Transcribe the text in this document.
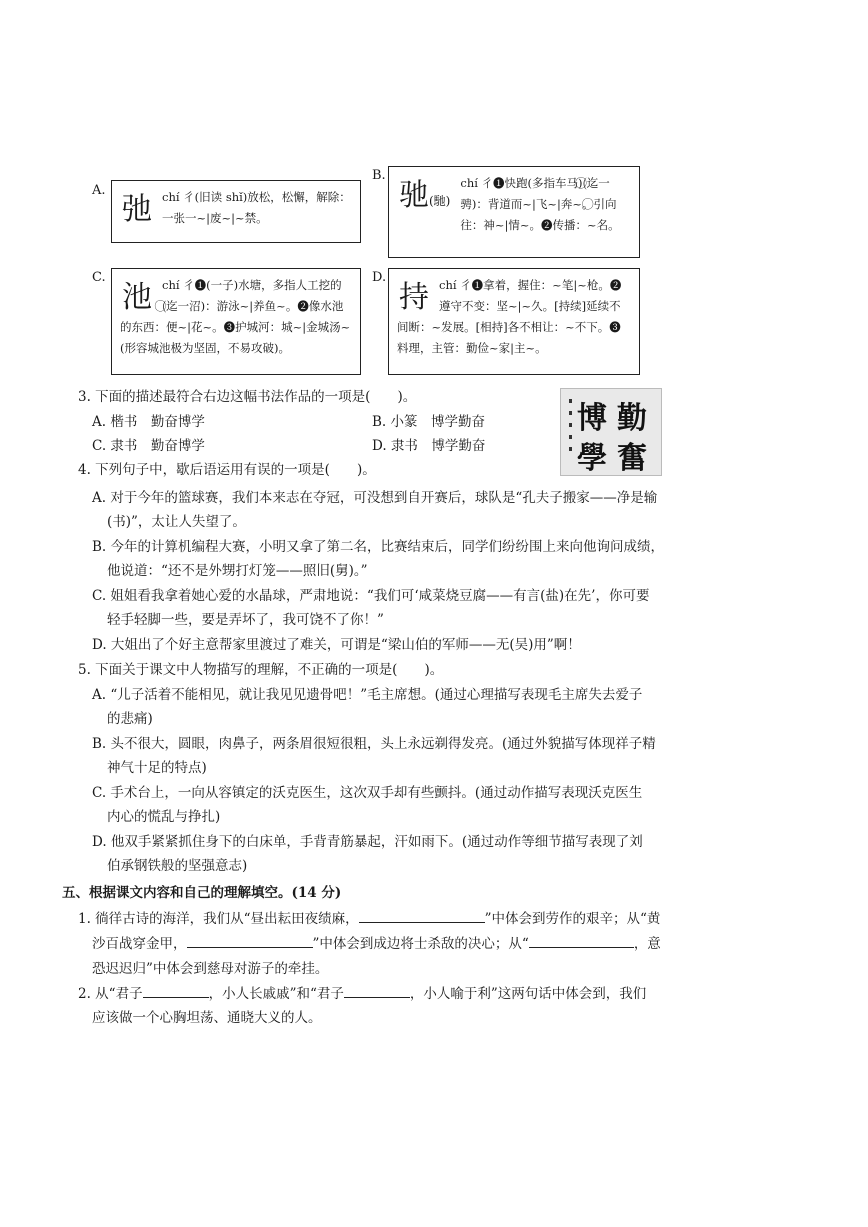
A.
弛 chí 彳(旧读 shǐ)放松，松懈，解除：一张一~|废~|~禁。
B.
驰(馳)
chí 彳❶快跑(多指车马)(⃝迄一骋)：背道而~|飞~|奔~。⃝引向往：神~|情~。❷传播：~名。
C.
池 chí 彳❶(一子)水塘，多指人工挖的(⃝迄一沼)：游泳~|养鱼~。❷像水池的东西：便~|花~。❸护城河：城~|金城汤~(形容城池极为坚固，不易攻破)。
D.
持 chí 彳❶拿着，握住：~笔|~枪。❷遵守不变：坚~|~久。[持续]延续不间断：~发展。[相持]各不相让：~不下。❸料理，主管：勤俭~家|主~。
3. 下面的描述最符合右边这幅书法作品的一项是(　　)。
A. 楷书　勤奋博学	B. 小篆　博学勤奋
C. 隶书　勤奋博学	D. 隶书　博学勤奋
勤
奮
博
學
4. 下列句子中，歇后语运用有误的一项是(　　)。
A. 对于今年的篮球赛，我们本来志在夺冠，可没想到自开赛后，球队是“孔夫子搬家——净是输
(书)”，太让人失望了。
B. 今年的计算机编程大赛，小明又拿了第二名，比赛结束后，同学们纷纷围上来向他询问成绩，
他说道：“还不是外甥打灯笼——照旧(舅)。”
C. 姐姐看我拿着她心爱的水晶球，严肃地说：“我们可‘咸菜烧豆腐——有言(盐)在先’，你可要
轻手轻脚一些，要是弄坏了，我可饶不了你！”
D. 大姐出了个好主意帮家里渡过了难关，可谓是“梁山伯的军师——无(吴)用”啊！
5. 下面关于课文中人物描写的理解，不正确的一项是(　　)。
A. “儿子活着不能相见，就让我见见遗骨吧！”毛主席想。(通过心理描写表现毛主席失去爱子
的悲痛)
B. 头不很大，圆眼，肉鼻子，两条眉很短很粗，头上永远剃得发亮。(通过外貌描写体现祥子精
神气十足的特点)
C. 手术台上，一向从容镇定的沃克医生，这次双手却有些颤抖。(通过动作描写表现沃克医生
内心的慌乱与挣扎)
D. 他双手紧紧抓住身下的白床单，手背青筋暴起，汗如雨下。(通过动作等细节描写表现了刘
伯承钢铁般的坚强意志)
五、根据课文内容和自己的理解填空。(14 分)
1. 徜徉古诗的海洋，我们从“昼出耘田夜绩麻，	”中体会到劳作的艰辛；从“黄
沙百战穿金甲，	”中体会到成边将士杀敌的决心；从“	，意
恐迟迟归”中体会到慈母对游子的牵挂。
2. 从“君子	，小人长戚戚”和“君子	，小人喻于利”这两句话中体会到，我们
应该做一个心胸坦荡、通晓大义的人。
